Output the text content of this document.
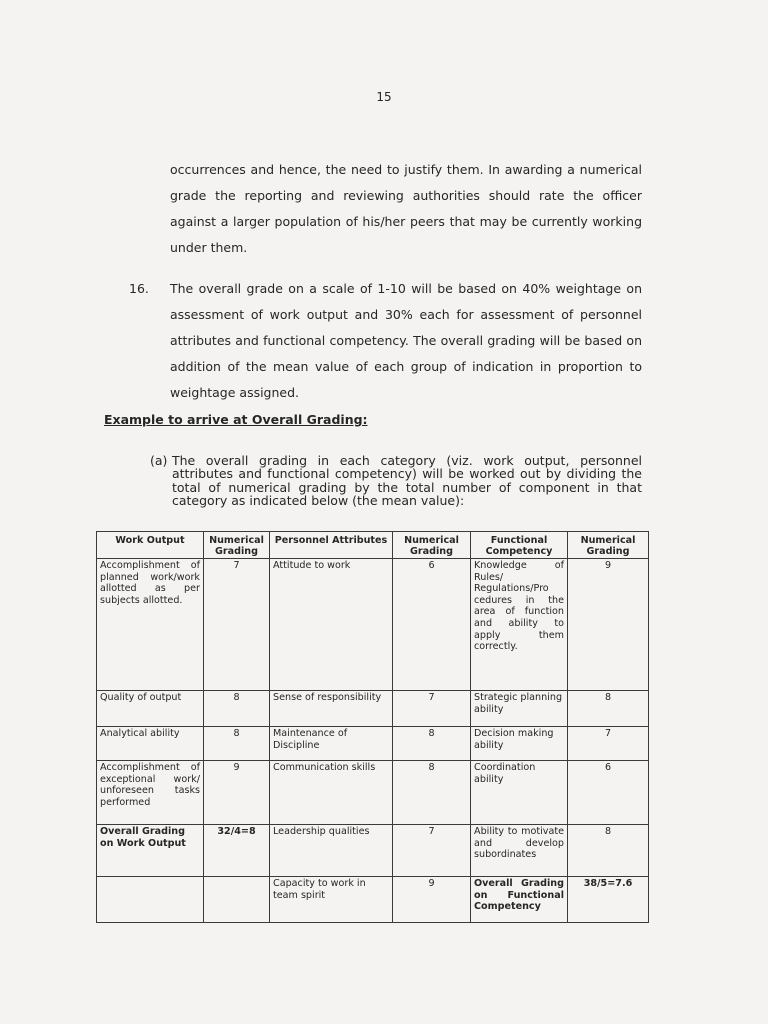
15
occurrences and hence, the need to justify them. In awarding a numerical grade the reporting and reviewing authorities should rate the officer against a larger population of his/her peers that may be currently working under them.
16. The overall grade on a scale of 1-10 will be based on 40% weightage on assessment of work output and 30% each for assessment of personnel attributes and functional competency. The overall grading will be based on addition of the mean value of each group of indication in proportion to weightage assigned.
Example to arrive at Overall Grading:
(a) The overall grading in each category (viz. work output, personnel attributes and functional competency) will be worked out by dividing the total of numerical grading by the total number of component in that category as indicated below (the mean value):
Work Output	Numerical Grading	Personnel Attributes	Numerical Grading	Functional Competency	Numerical Grading
Accomplishment of planned work/work allotted as per subjects allotted.	7	Attitude to work	6	Knowledge of Rules/ Regulations/Pro cedures in the area of function and ability to apply them correctly.	9
Quality of output	8	Sense of responsibility	7	Strategic planning ability	8
Analytical ability	8	Maintenance of Discipline	8	Decision making ability	7
Accomplishment of exceptional work/ unforeseen tasks performed	9	Communication skills	8	Coordination ability	6
Overall Grading on Work Output	32/4=8	Leadership qualities	7	Ability to motivate and develop subordinates	8
		Capacity to work in team spirit	9	Overall Grading on Functional Competency	38/5=7.6
